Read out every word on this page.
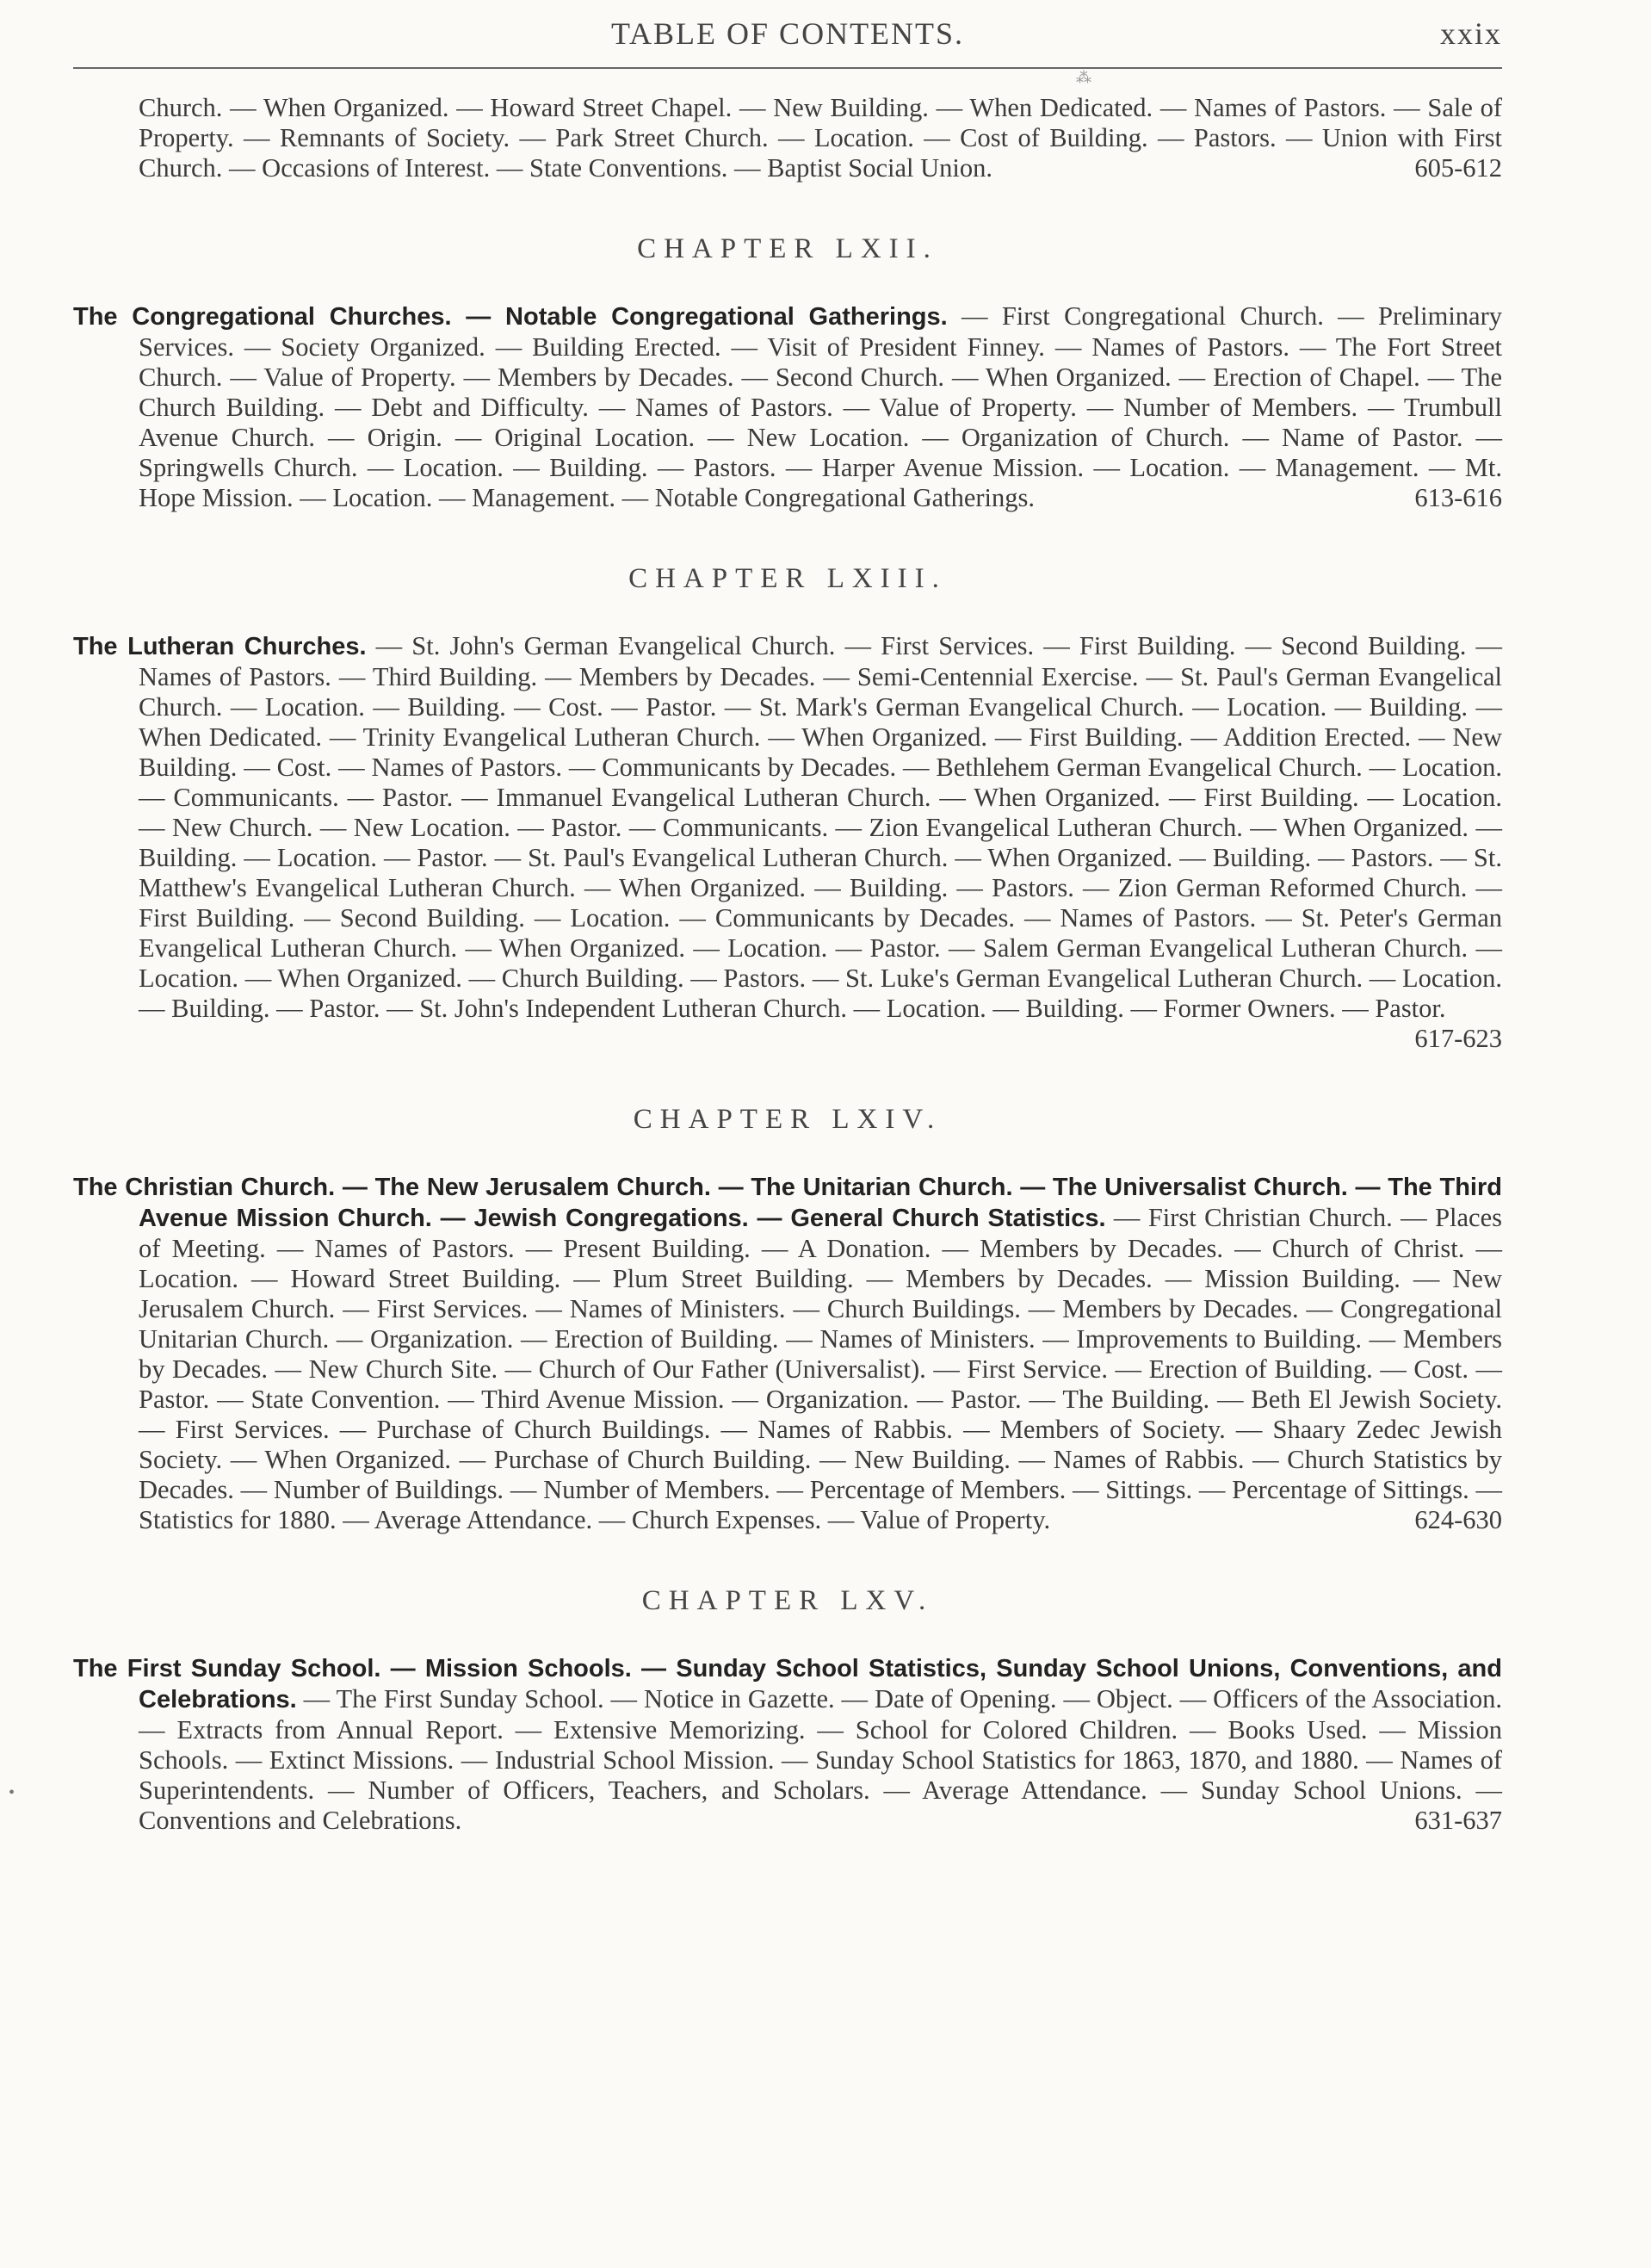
TABLE OF CONTENTS.	xxix
⁂

Church. — When Organized. — Howard Street Chapel. — New Building. — When Dedicated. — Names of Pastors. — Sale of Property. — Remnants of Society. — Park Street Church. — Location. — Cost of Building. — Pastors. — Union with First Church. — Occasions of Interest. — State Conventions. — Baptist Social Union.	605-612

CHAPTER LXII.

The Congregational Churches. — Notable Congregational Gatherings. — First Congregational Church. — Preliminary Services. — Society Organized. — Building Erected. — Visit of President Finney. — Names of Pastors. — The Fort Street Church. — Value of Property. — Members by Decades. — Second Church. — When Organized. — Erection of Chapel. — The Church Building. — Debt and Difficulty. — Names of Pastors. — Value of Property. — Number of Members. — Trumbull Avenue Church. — Origin. — Original Location. — New Location. — Organization of Church. — Name of Pastor. — Springwells Church. — Location. — Building. — Pastors. — Harper Avenue Mission. — Location. — Management. — Mt. Hope Mission. — Location. — Management. — Notable Congregational Gatherings.	613-616

CHAPTER LXIII.

The Lutheran Churches. — St. John's German Evangelical Church. — First Services. — First Building. — Second Building. — Names of Pastors. — Third Building. — Members by Decades. — Semi-Centennial Exercise. — St. Paul's German Evangelical Church. — Location. — Building. — Cost. — Pastor. — St. Mark's German Evangelical Church. — Location. — Building. — When Dedicated. — Trinity Evangelical Lutheran Church. — When Organized. — First Building. — Addition Erected. — New Building. — Cost. — Names of Pastors. — Communicants by Decades. — Bethlehem German Evangelical Church. — Location. — Communicants. — Pastor. — Immanuel Evangelical Lutheran Church. — When Organized. — First Building. — Location. — New Church. — New Location. — Pastor. — Communicants. — Zion Evangelical Lutheran Church. — When Organized. — Building. — Location. — Pastor. — St. Paul's Evangelical Lutheran Church. — When Organized. — Building. — Pastors. — St. Matthew's Evangelical Lutheran Church. — When Organized. — Building. — Pastors. — Zion German Reformed Church. — First Building. — Second Building. — Location. — Communicants by Decades. — Names of Pastors. — St. Peter's German Evangelical Lutheran Church. — When Organized. — Location. — Pastor. — Salem German Evangelical Lutheran Church. — Location. — When Organized. — Church Building. — Pastors. — St. Luke's German Evangelical Lutheran Church. — Location. — Building. — Pastor. — St. John's Independent Lutheran Church. — Location. — Building. — Former Owners. — Pastor.
617-623

CHAPTER LXIV.

The Christian Church. — The New Jerusalem Church. — The Unitarian Church. — The Universalist Church. — The Third Avenue Mission Church. — Jewish Congregations. — General Church Statistics. — First Christian Church. — Places of Meeting. — Names of Pastors. — Present Building. — A Donation. — Members by Decades. — Church of Christ. — Location. — Howard Street Building. — Plum Street Building. — Members by Decades. — Mission Building. — New Jerusalem Church. — First Services. — Names of Ministers. — Church Buildings. — Members by Decades. — Congregational Unitarian Church. — Organization. — Erection of Building. — Names of Ministers. — Improvements to Building. — Members by Decades. — New Church Site. — Church of Our Father (Universalist). — First Service. — Erection of Building. — Cost. — Pastor. — State Convention. — Third Avenue Mission. — Organization. — Pastor. — The Building. — Beth El Jewish Society. — First Services. — Purchase of Church Buildings. — Names of Rabbis. — Members of Society. — Shaary Zedec Jewish Society. — When Organized. — Purchase of Church Building. — New Building. — Names of Rabbis. — Church Statistics by Decades. — Number of Buildings. — Number of Members. — Percentage of Members. — Sittings. — Percentage of Sittings. — Statistics for 1880. — Average Attendance. — Church Expenses. — Value of Property.	624-630

CHAPTER LXV.

The First Sunday School. — Mission Schools. — Sunday School Statistics, Sunday School Unions, Conventions, and Celebrations. — The First Sunday School. — Notice in Gazette. — Date of Opening. — Object. — Officers of the Association. — Extracts from Annual Report. — Extensive Memorizing. — School for Colored Children. — Books Used. — Mission Schools. — Extinct Missions. — Industrial School Mission. — Sunday School Statistics for 1863, 1870, and 1880. — Names of Superintendents. — Number of Officers, Teachers, and Scholars. — Average Attendance. — Sunday School Unions. — Conventions and Celebrations.	631-637

•
